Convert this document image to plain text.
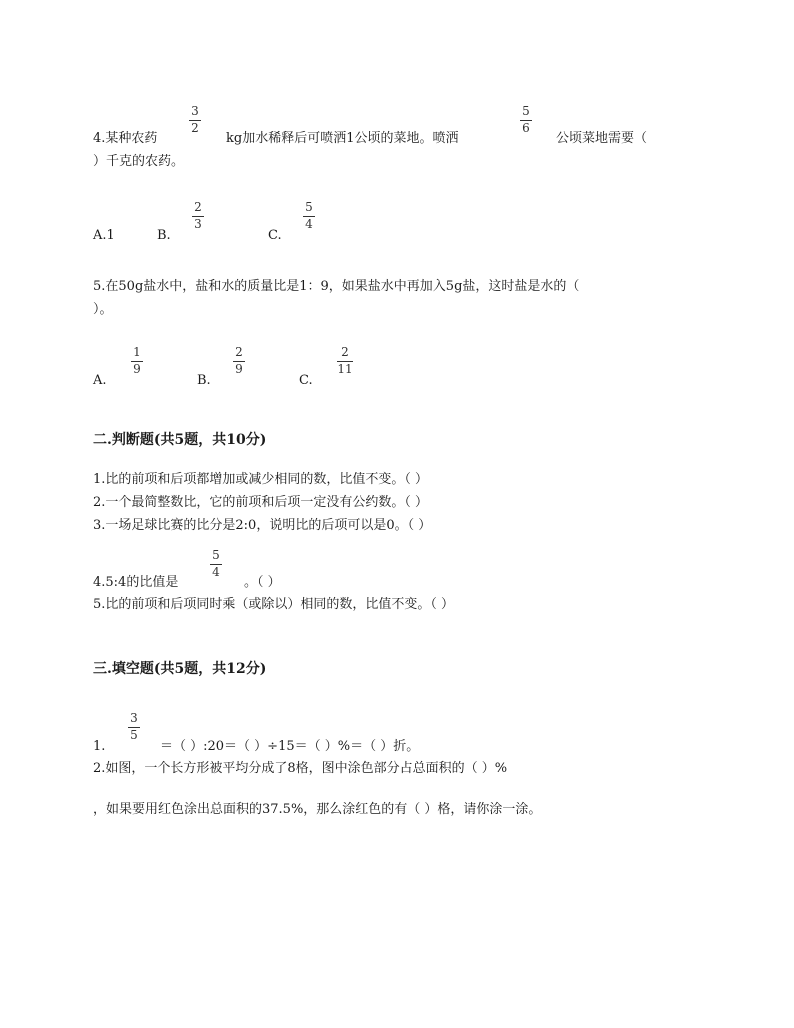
3
2
5
6
4.某种农药	kg加水稀释后可喷洒1公顷的菜地。喷洒	公顷菜地需要（
）千克的农药。
2
3
5
4
A.1	B.	C.
5.在50g盐水中，盐和水的质量比是1：9，如果盐水中再加入5g盐，这时盐是水的（
）。
1
9
2
9
2
11
A.	B.	C.
二.判断题(共5题，共10分)
1.比的前项和后项都增加或减少相同的数，比值不变。（ ）
2.一个最简整数比，它的前项和后项一定没有公约数。（ ）
3.一场足球比赛的比分是2:0，说明比的后项可以是0。（ ）
5
4
4.5:4的比值是	。（ ）
5.比的前项和后项同时乘（或除以）相同的数，比值不变。（ ）
三.填空题(共5题，共12分)
3
5
1.	＝（ ）:20＝（ ）÷15＝（ ）%＝（ ）折。
2.如图，一个长方形被平均分成了8格，图中涂色部分占总面积的（ ）%
，如果要用红色涂出总面积的37.5%，那么涂红色的有（ ）格，请你涂一涂。
